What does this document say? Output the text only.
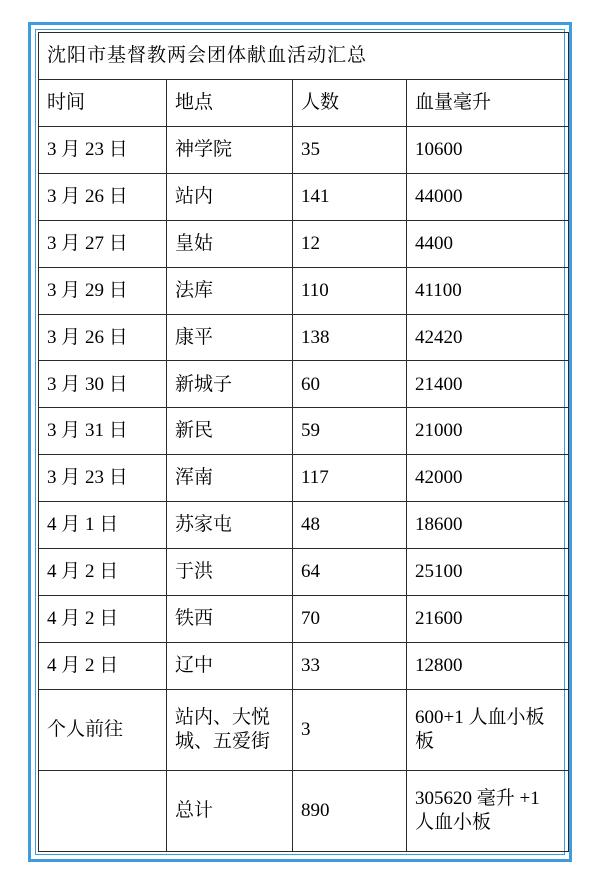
沈阳市基督教两会团体献血活动汇总			
时间	地点	人数	血量毫升
3 月 23 日	神学院	35	10600
3 月 26 日	站内	141	44000
3 月 27 日	皇姑	12	4400
3 月 29 日	法库	110	41100
3 月 26 日	康平	138	42420
3 月 30 日	新城子	60	21400
3 月 31 日	新民	59	21000
3 月 23 日	浑南	117	42000
4 月 1 日	苏家屯	48	18600
4 月 2 日	于洪	64	25100
4 月 2 日	铁西	70	21600
4 月 2 日	辽中	33	12800
个人前往	站内、大悦城、五爱街	3	600+1 人血小板板
	总计	890	305620 毫升 +1 人血小板
